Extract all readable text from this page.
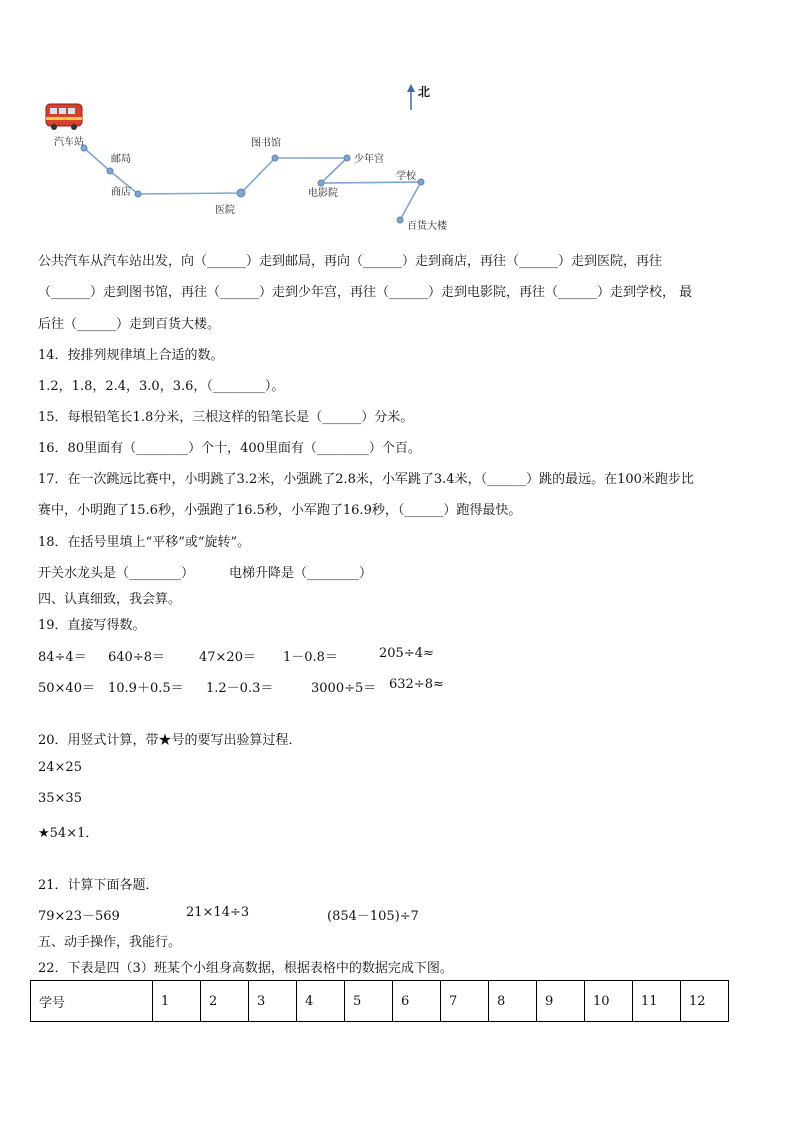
北
汽车站
邮局
商店
医院
图书馆
少年宫
电影院
学校
百货大楼
公共汽车从汽车站出发，向（______）走到邮局，再向（______）走到商店，再往（______）走到医院，再往
（______）走到图书馆，再往（______）走到少年宫，再往（______）走到电影院，再往（______）走到学校， 最
后往（______）走到百货大楼。
14．按排列规律填上合适的数。
1.2，1.8，2.4，3.0，3.6，（________）。
15．每根铅笔长1.8分米，三根这样的铅笔长是（______）分米。
16．80里面有（________）个十，400里面有（________）个百。
17．在一次跳远比赛中，小明跳了3.2米，小强跳了2.8米，小军跳了3.4米，（______）跳的最远。在100米跑步比
赛中，小明跑了15.6秒，小强跑了16.5秒，小军跑了16.9秒，（______）跑得最快。
18．在括号里填上“平移”或“旋转”。
开关水龙头是（________）	电梯升降是（________）
四、认真细致，我会算。
19．直接写得数。
84÷4＝ 640÷8＝	47×20＝ 1－0.8＝	205÷4≈
50×40＝ 10.9＋0.5＝ 1.2－0.3＝	3000÷5＝ 632÷8≈
20．用竖式计算，带★号的要写出验算过程．
24×25
35×35
★54×1．
21．计算下面各题．
79×23－569	21×14÷3	(854－105)÷7
五、动手操作，我能行。
22．下表是四（3）班某个小组身高数据，根据表格中的数据完成下图。
学号	1	2	3	4	5	6	7	8	9	10	11	12
